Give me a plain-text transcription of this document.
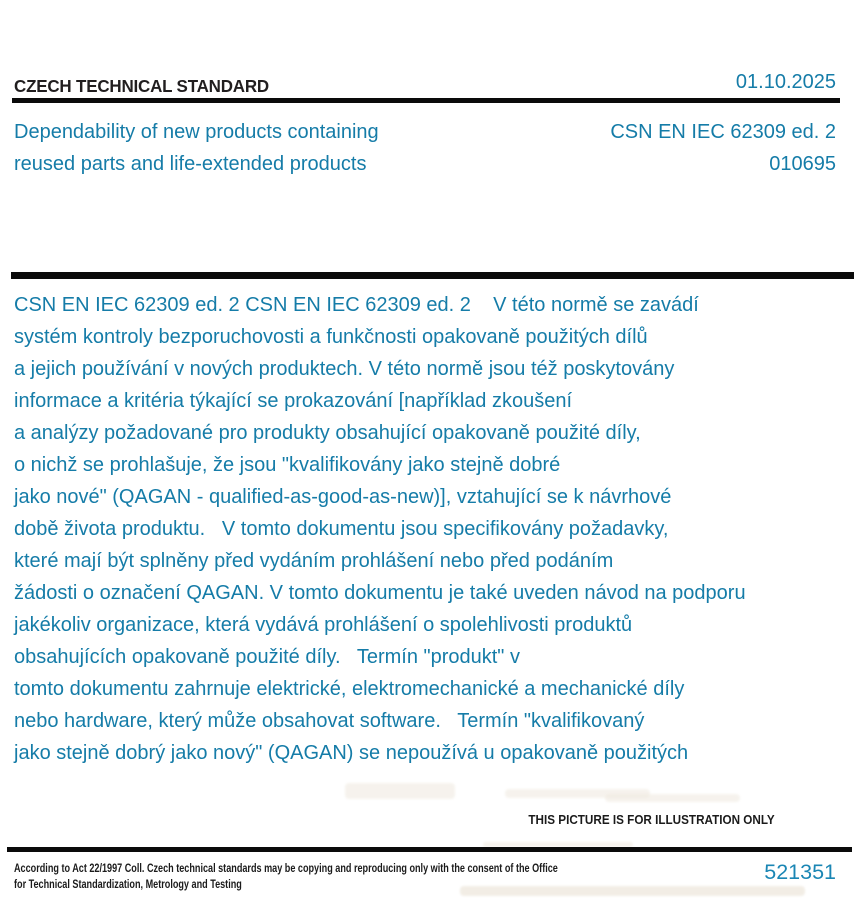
CZECH TECHNICAL STANDARD	01.10.2025
Dependability of new products containing
reused parts and life-extended products
CSN EN IEC 62309 ed. 2
010695
CSN EN IEC 62309 ed. 2 CSN EN IEC 62309 ed. 2    V této normě se zavádí
systém kontroly bezporuchovosti a funkčnosti opakovaně použitých dílů
a jejich používání v nových produktech. V této normě jsou též poskytovány
informace a kritéria týkající se prokazování [například zkoušení
a analýzy požadované pro produkty obsahující opakovaně použité díly,
o nichž se prohlašuje, že jsou "kvalifikovány jako stejně dobré
jako nové" (QAGAN - qualified-as-good-as-new)], vztahující se k návrhové
době života produktu.   V tomto dokumentu jsou specifikovány požadavky,
které mají být splněny před vydáním prohlášení nebo před podáním
žádosti o označení QAGAN. V tomto dokumentu je také uveden návod na podporu
jakékoliv organizace, která vydává prohlášení o spolehlivosti produktů
obsahujících opakovaně použité díly.   Termín "produkt" v
tomto dokumentu zahrnuje elektrické, elektromechanické a mechanické díly
nebo hardware, který může obsahovat software.   Termín "kvalifikovaný
jako stejně dobrý jako nový" (QAGAN) se nepoužívá u opakovaně použitých
THIS PICTURE IS FOR ILLUSTRATION ONLY
According to Act 22/1997 Coll. Czech technical standards may be copying and reproducing only with the consent of the Office
for Technical Standardization, Metrology and Testing
521351
